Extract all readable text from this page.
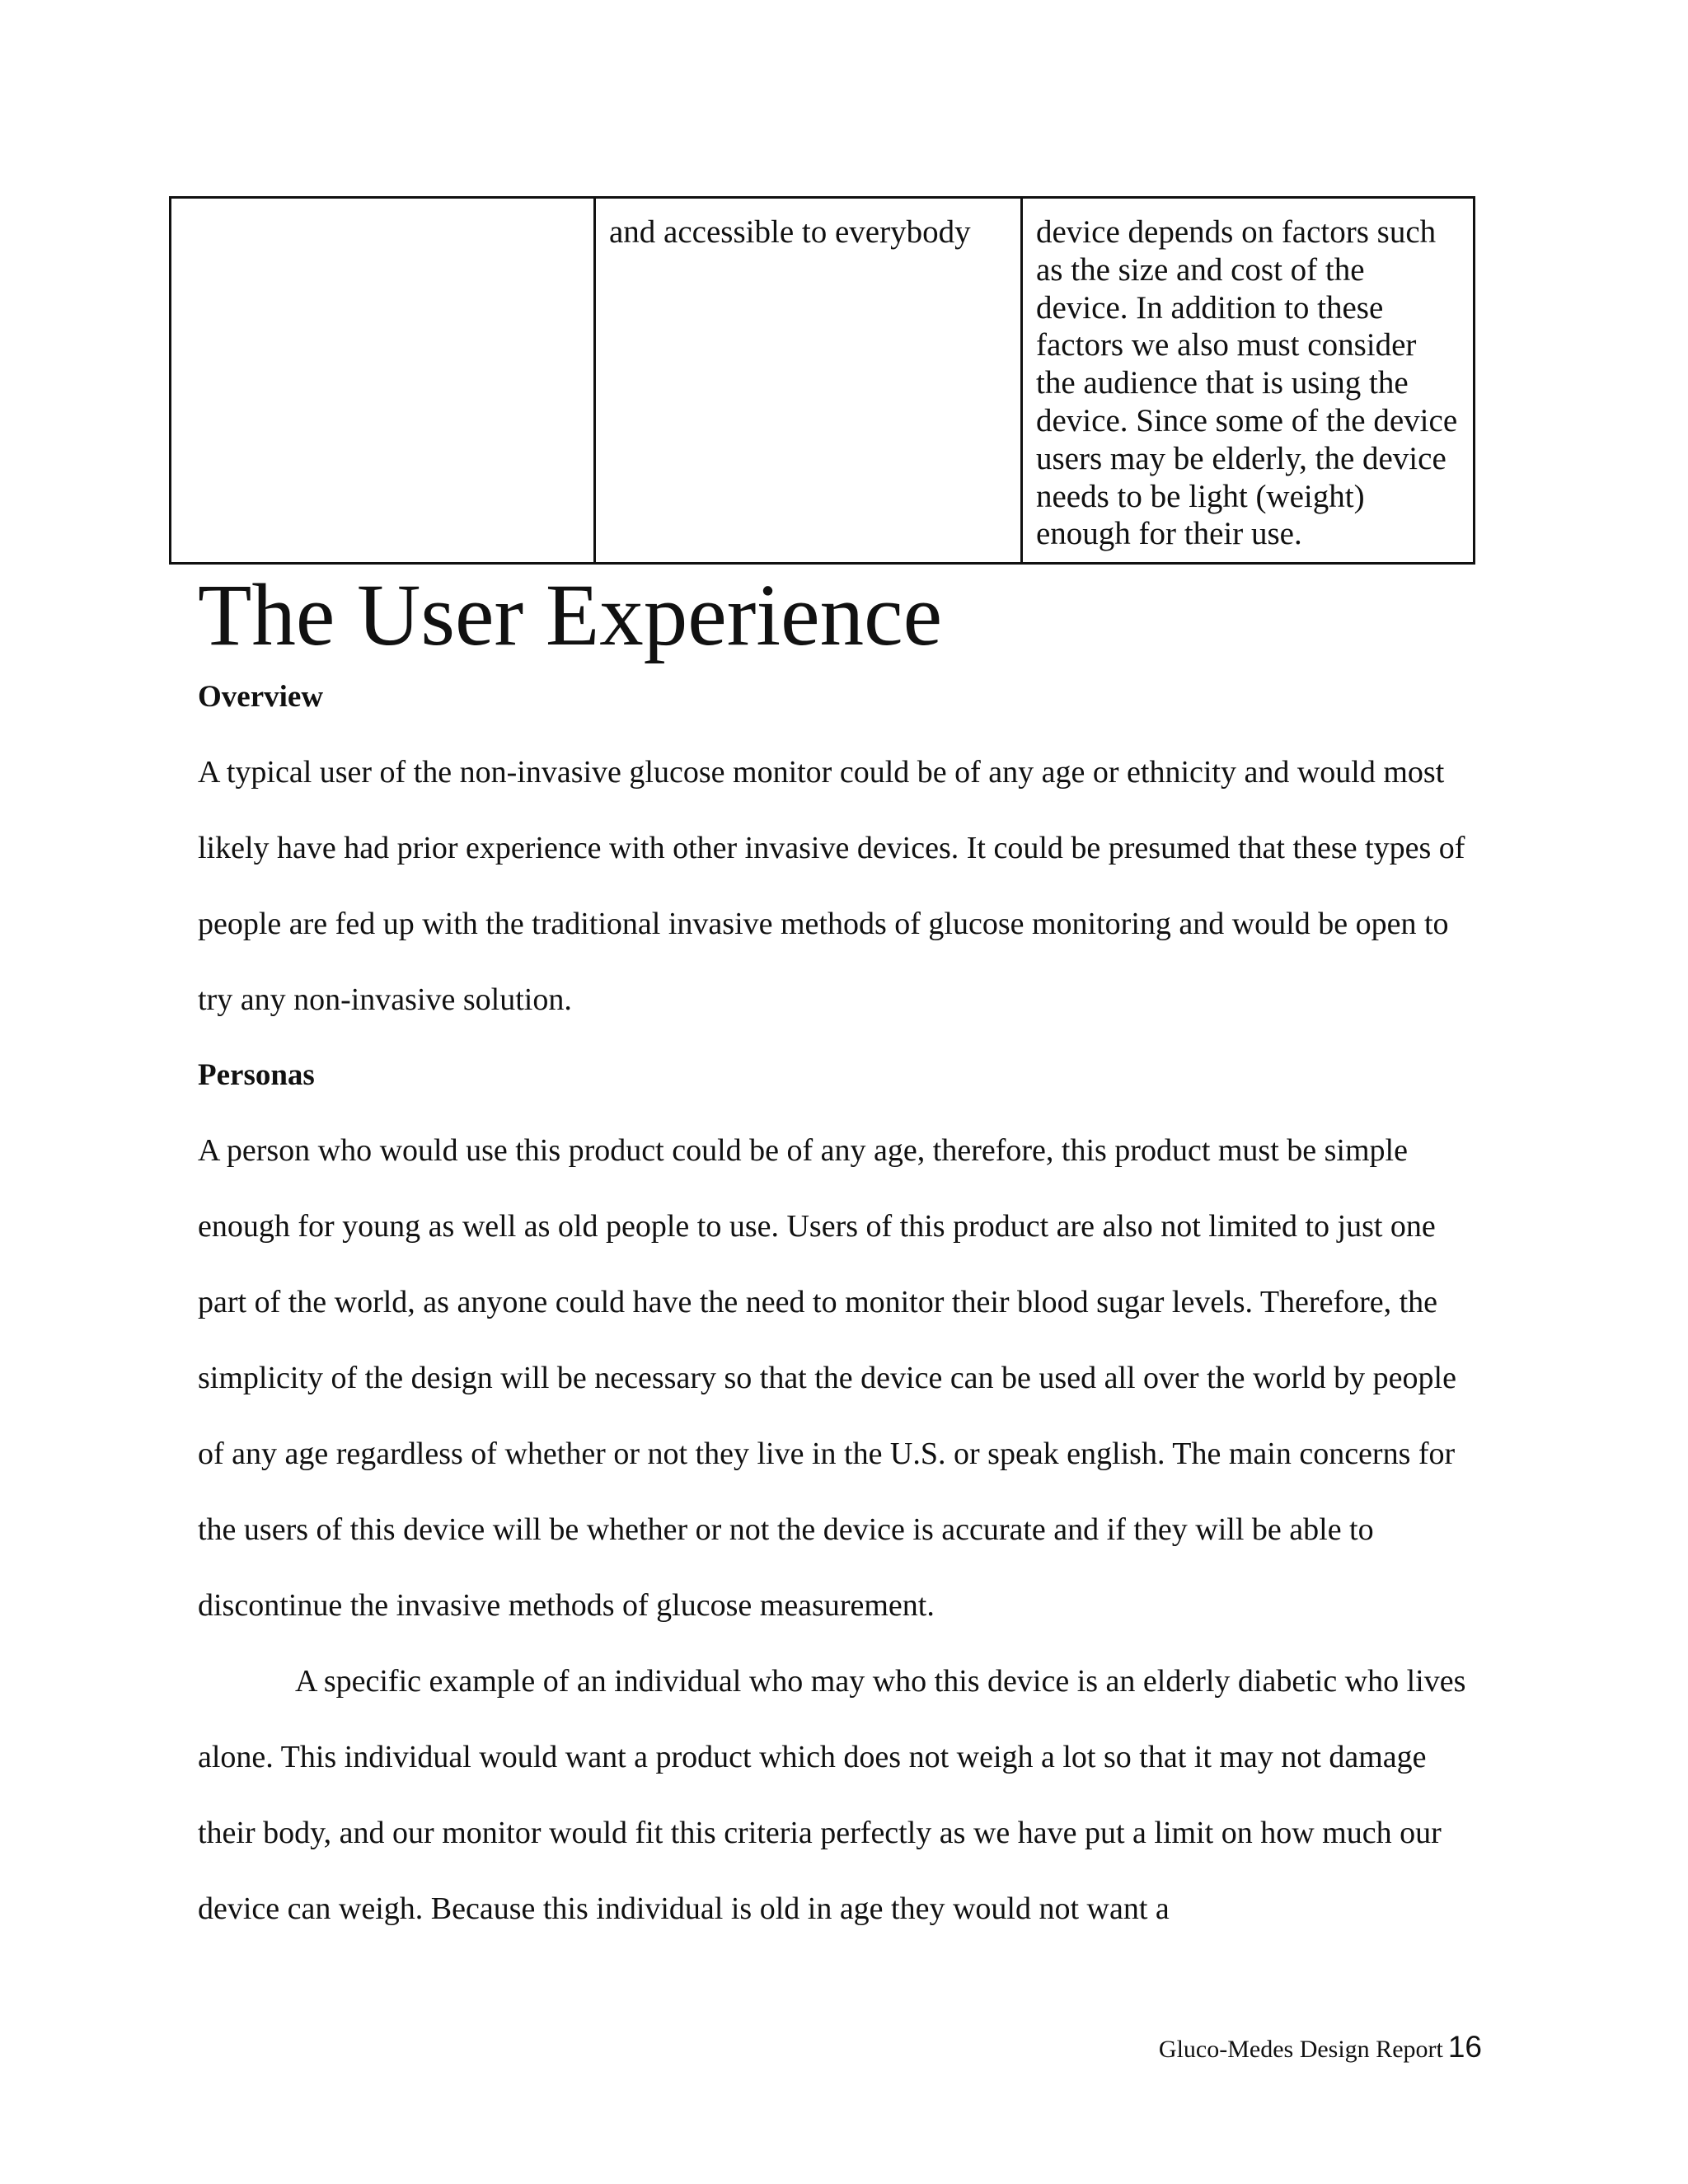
	and accessible to everybody	device depends on factors such as the size and cost of the device. In addition to these factors we also must consider the audience that is using the device. Since some of the device users may be elderly, the device needs to be light (weight) enough for their use.
The User Experience
Overview

A typical user of the non-invasive glucose monitor could be of any age or ethnicity and would most likely have had prior experience with other invasive devices. It could be presumed that these types of people are fed up with the traditional invasive methods of glucose monitoring and would be open to try any non-invasive solution.

Personas

A person who would use this product could be of any age, therefore, this product must be simple enough for young as well as old people to use. Users of this product are also not limited to just one part of the world, as anyone could have the need to monitor their blood sugar levels. Therefore, the simplicity of the design will be necessary so that the device can be used all over the world by people of any age regardless of whether or not they live in the U.S. or speak english. The main concerns for the users of this device will be whether or not the device is accurate and if they will be able to discontinue the invasive methods of glucose measurement.

A specific example of an individual who may who this device is an elderly diabetic who lives alone. This individual would want a product which does not weigh a lot so that it may not damage their body, and our monitor would fit this criteria perfectly as we have put a limit on how much our device can weigh. Because this individual is old in age they would not want a

Gluco-Medes Design Report 16
